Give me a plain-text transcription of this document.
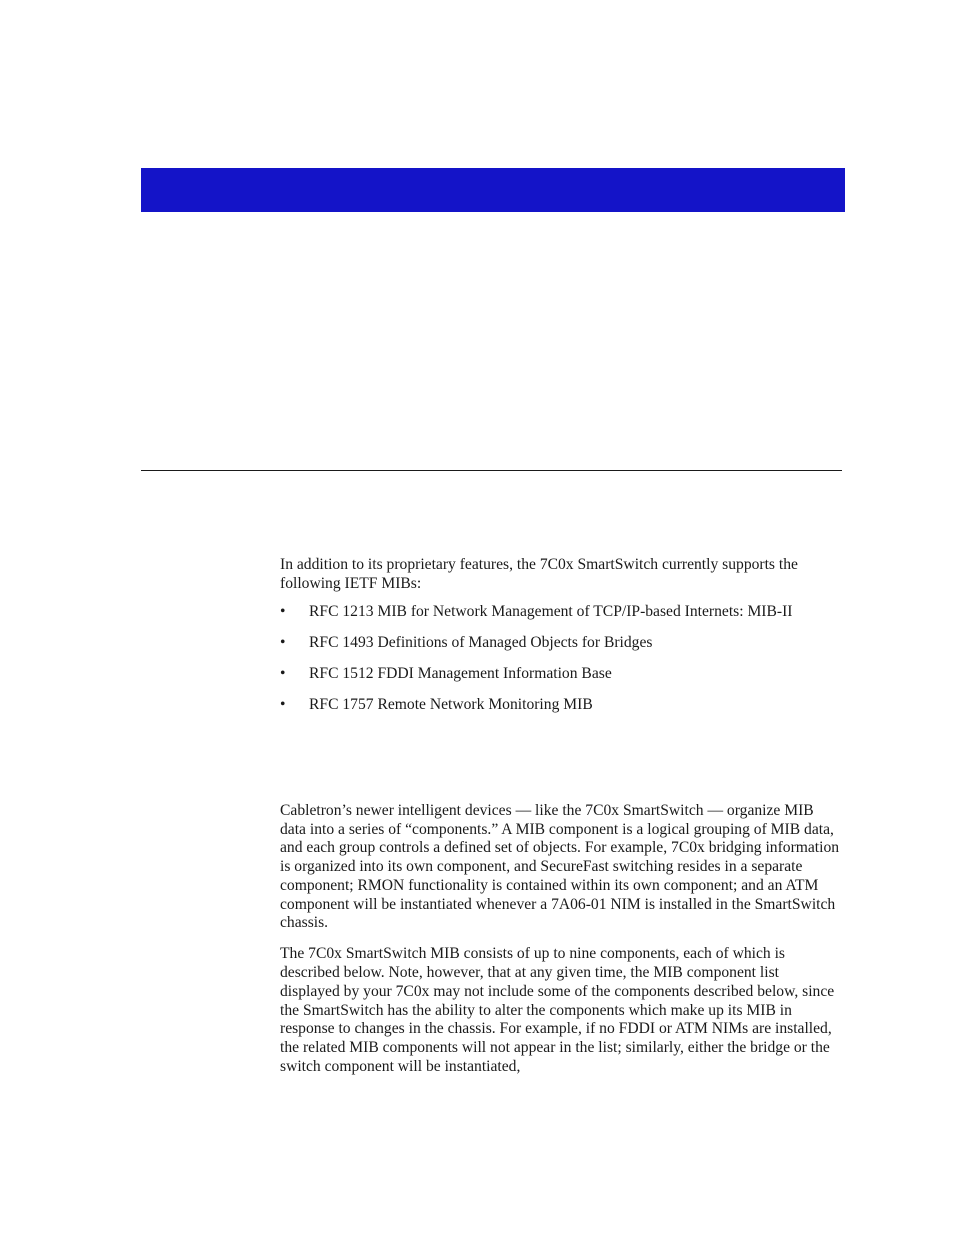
In addition to its proprietary features, the 7C0x SmartSwitch currently supports the following IETF MIBs:

• RFC 1213 MIB for Network Management of TCP/IP-based Internets: MIB-II
• RFC 1493 Definitions of Managed Objects for Bridges
• RFC 1512 FDDI Management Information Base
• RFC 1757 Remote Network Monitoring MIB

Cabletron’s newer intelligent devices — like the 7C0x SmartSwitch — organize MIB data into a series of “components.” A MIB component is a logical grouping of MIB data, and each group controls a defined set of objects. For example, 7C0x bridging information is organized into its own component, and SecureFast switching resides in a separate component; RMON functionality is contained within its own component; and an ATM component will be instantiated whenever a 7A06-01 NIM is installed in the SmartSwitch chassis.

The 7C0x SmartSwitch MIB consists of up to nine components, each of which is described below. Note, however, that at any given time, the MIB component list displayed by your 7C0x may not include some of the components described below, since the SmartSwitch has the ability to alter the components which make up its MIB in response to changes in the chassis. For example, if no FDDI or ATM NIMs are installed, the related MIB components will not appear in the list; similarly, either the bridge or the switch component will be instantiated,
